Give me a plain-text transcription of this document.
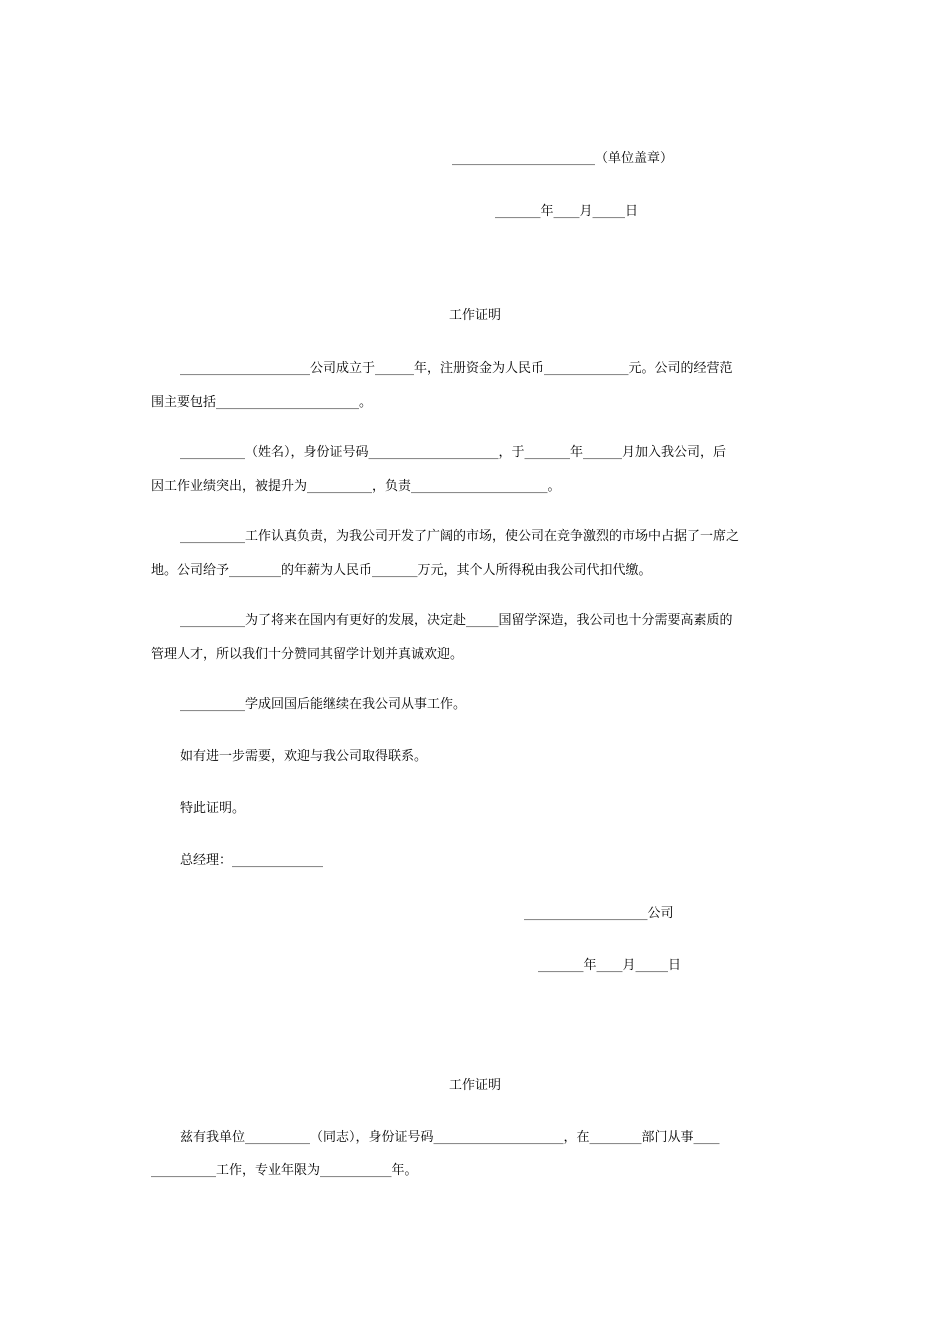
______________________（单位盖章）
_______年____月_____日
工作证明
____________________公司成立于______年，注册资金为人民币_____________元。公司的经营范
围主要包括______________________。
__________（姓名），身份证号码____________________，于_______年______月加入我公司，后
因工作业绩突出，被提升为__________，负责_____________________。
__________工作认真负责，为我公司开发了广阔的市场，使公司在竞争激烈的市场中占据了一席之
地。公司给予________的年薪为人民币_______万元，其个人所得税由我公司代扣代缴。
__________为了将来在国内有更好的发展，决定赴_____国留学深造，我公司也十分需要高素质的
管理人才，所以我们十分赞同其留学计划并真诚欢迎。
__________学成回国后能继续在我公司从事工作。
如有进一步需要，欢迎与我公司取得联系。
特此证明。
总经理：______________
___________________公司
_______年____月_____日
工作证明
兹有我单位__________（同志），身份证号码____________________，在________部门从事____
__________工作，专业年限为___________年。
